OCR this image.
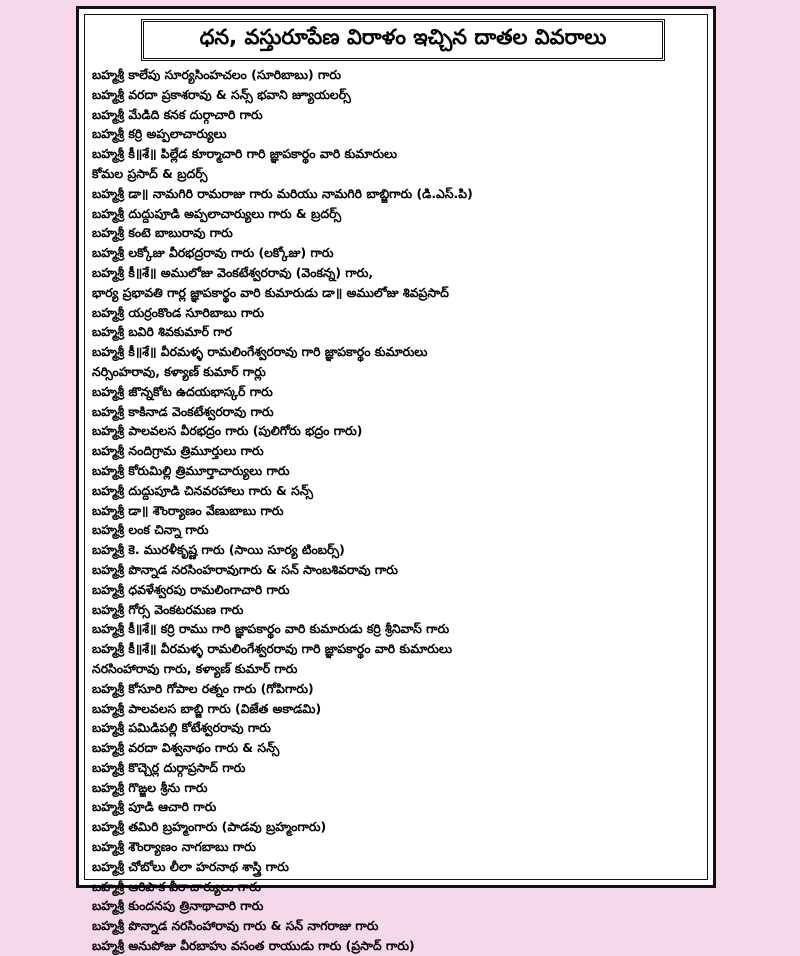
ధన, వస్తురూపేణ విరాళం ఇచ్చిన దాతల వివరాలు
బహ్మశ్రీ కాలేపు సూర్యసింహచలం (సూరిబాబు) గారు
బహ్మశ్రీ వరదా ప్రకాశరావు & సన్స్ భవాని జ్యూయలర్స్
బహ్మశ్రీ మేడిది కనక దుర్గాచారి గారు
బహ్మశ్రీ కర్రి అప్పలాచార్యులు
బహ్మశ్రీ కీ॥శే॥ పిల్లేడ కూర్మాచారి గారి జ్ఞాపకార్థం వారి కుమారులు
కోమల ప్రసాద్ & బ్రదర్స్
బహ్మశ్రీ డా॥ నామగిరి రామరాజు గారు మరియు నామగిరి బాబ్జిగారు (డి.ఎస్.పి)
బహ్మశ్రీ దుద్దుపూడి అప్పలాచార్యులు గారు & బ్రదర్స్
బహ్మశ్రీ కంటె బాబురావు గారు
బహ్మశ్రీ లక్కోజు వీరభద్రరావు గారు (లక్కోజు) గారు
బహ్మశ్రీ కీ॥శే॥ అములోజు వెంకటేశ్వరరావు (వెంకన్న) గారు,
భార్య ప్రభావతి గార్ల జ్ఞాపకార్థం వారి కుమారుడు డా॥ అములోజు శివప్రసాద్
బహ్మశ్రీ యర్రంకొండ సూరిబాబు గారు
బహ్మశ్రీ బవిరి శివకుమార్ గార
బహ్మశ్రీ కీ॥శే॥ వీరమళ్ళ రామలింగేశ్వరరావు గారి జ్ఞాపకార్థం కుమారులు
నర్సింహరావు, కళ్యాణ్ కుమార్ గార్లు
బహ్మశ్రీ జొన్నకోట ఉదయభాస్కర్ గారు
బహ్మశ్రీ కాకినాడ వెంకటేశ్వరరావు గారు
బహ్మశ్రీ పాలవలస వీరభద్రం గారు (పులిగోరు భద్రం గారు)
బహ్మశ్రీ నందిగ్రామ త్రిమూర్తులు గారు
బహ్మశ్రీ కోరుమిల్లి త్రిమూర్తాచార్యులు గారు
బహ్మశ్రీ దుద్దుపూడి చినవరహాలు గారు & సన్స్
బహ్మశ్రీ డా॥ శౌంర్యాణం వేణుబాబు గారు
బహ్మశ్రీ లంక చిన్నా గారు
బహ్మశ్రీ కె. మురళీకృష్ణ గారు (సాయి సూర్య టింబర్స్)
బహ్మశ్రీ పొన్నాడ నరసింహరావుగారు & సన్ సాంబశివరావు గారు
బహ్మశ్రీ ధవళేశ్వరపు రామలింగాచారి గారు
బహ్మశ్రీ గోర్స వెంకటరమణ గారు
బహ్మశ్రీ కీ॥శే॥ కర్రి రాము గారి జ్ఞాపకార్థం వారి కుమారుడు కర్రి శ్రీనివాస్ గారు
బహ్మశ్రీ కీ॥శే॥ వీరమళ్ళ రామలింగేశ్వరరావు గారి జ్ఞాపకార్థం వారి కుమారులు
నరసింహారావు గారు, కళ్యాణ్ కుమార్ గారు
బహ్మశ్రీ కోసూరి గోపాల రత్నం గారు (గోపిగారు)
బహ్మశ్రీ పాలవలస బాబ్జి గారు (విజేత అకాడమి)
బహ్మశ్రీ పమిడిపల్లి కోటేశ్వరరావు గారు
బహ్మశ్రీ వరదా విశ్వనాథం గారు & సన్స్
బహ్మశ్రీ కొచ్చెర్ల దుర్గాప్రసాద్ గారు
బహ్మశ్రీ గొఙ్జల శ్రీను గారు
బహ్మశ్రీ పూడి ఆచారి గారు
బహ్మశ్రీ తమిరి బ్రహ్మంగారు (పాడవు బ్రహ్మంగారు)
బహ్మశ్రీ శౌంర్యాణం నాగబాబు గారు
బహ్మశ్రీ చోబోలు లీలా హరనాథ శాస్త్రి గారు
బహ్మశ్రీ ఆరిపాక వీరాచార్యులు గారు
బహ్మశ్రీ కుందనపు త్రినాథాచారి గారు
బహ్మశ్రీ పొన్నాడ నరసింహారావు గారు & సన్ నాగరాజు గారు
బహ్మశ్రీ అనుపోజు వీరబాహు వసంత రాయుడు గారు (ప్రసాద్ గారు)
